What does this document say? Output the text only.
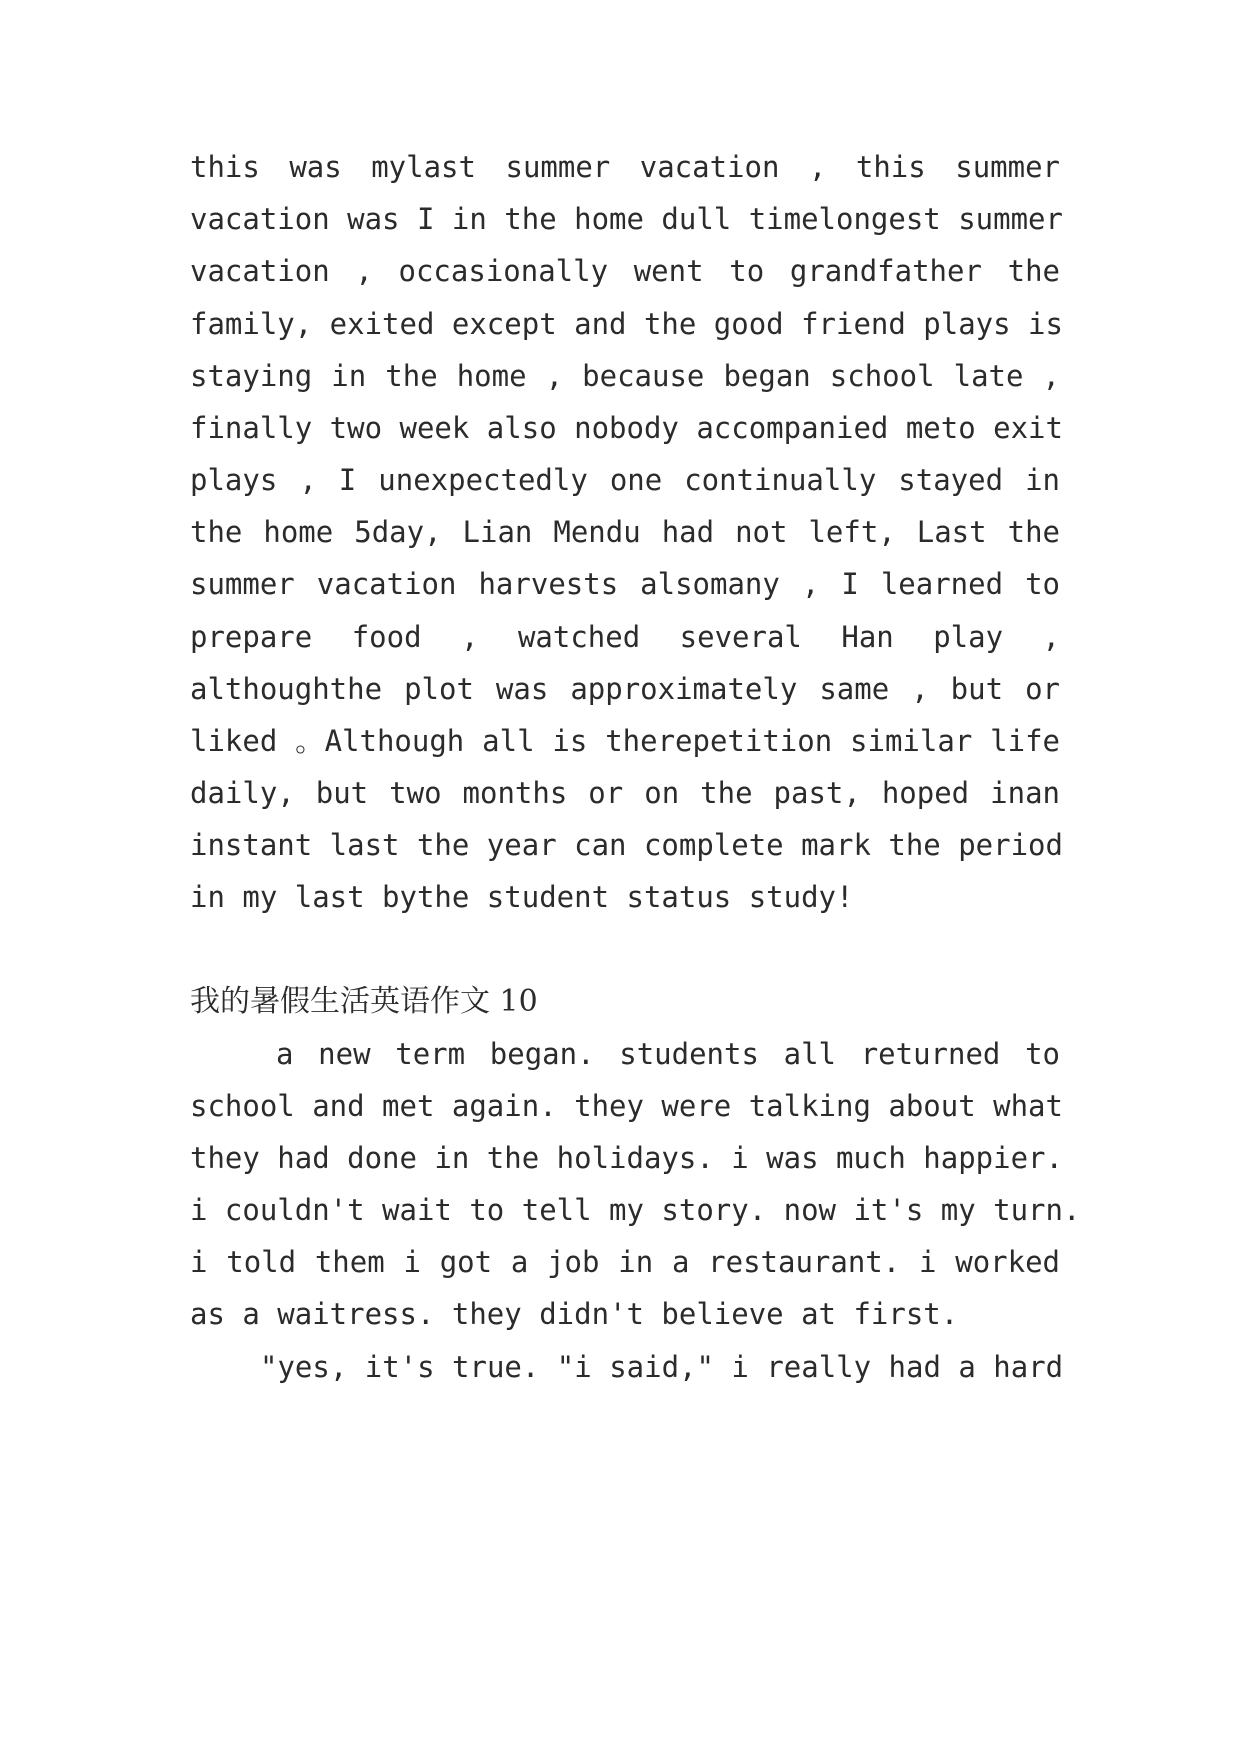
this was mylast summer vacation , this summer

vacation was I in the home dull timelongest summer

vacation , occasionally went to grandfather the

family, exited except and the good friend plays is

staying in the home , because began school late ,

finally two week also nobody accompanied meto exit

plays , I unexpectedly one continually stayed in

the home 5day, Lian Mendu had not left, Last the

summer vacation harvests alsomany , I learned to

prepare food , watched several Han play ,

althoughthe plot was approximately same , but or

liked 。Although all is therepetition similar life

daily, but two months or on the past, hoped inan

instant last the year can complete mark the period

in my last bythe student status study!

我的暑假生活英语作文 10

a new term began. students all returned to

school and met again. they were talking about what

they had done in the holidays. i was much happier.

i couldn't wait to tell my story. now it's my turn.

i told them i got a job in a restaurant. i worked

as a waitress. they didn't believe at first.

"yes, it's true. "i said," i really had a hard
